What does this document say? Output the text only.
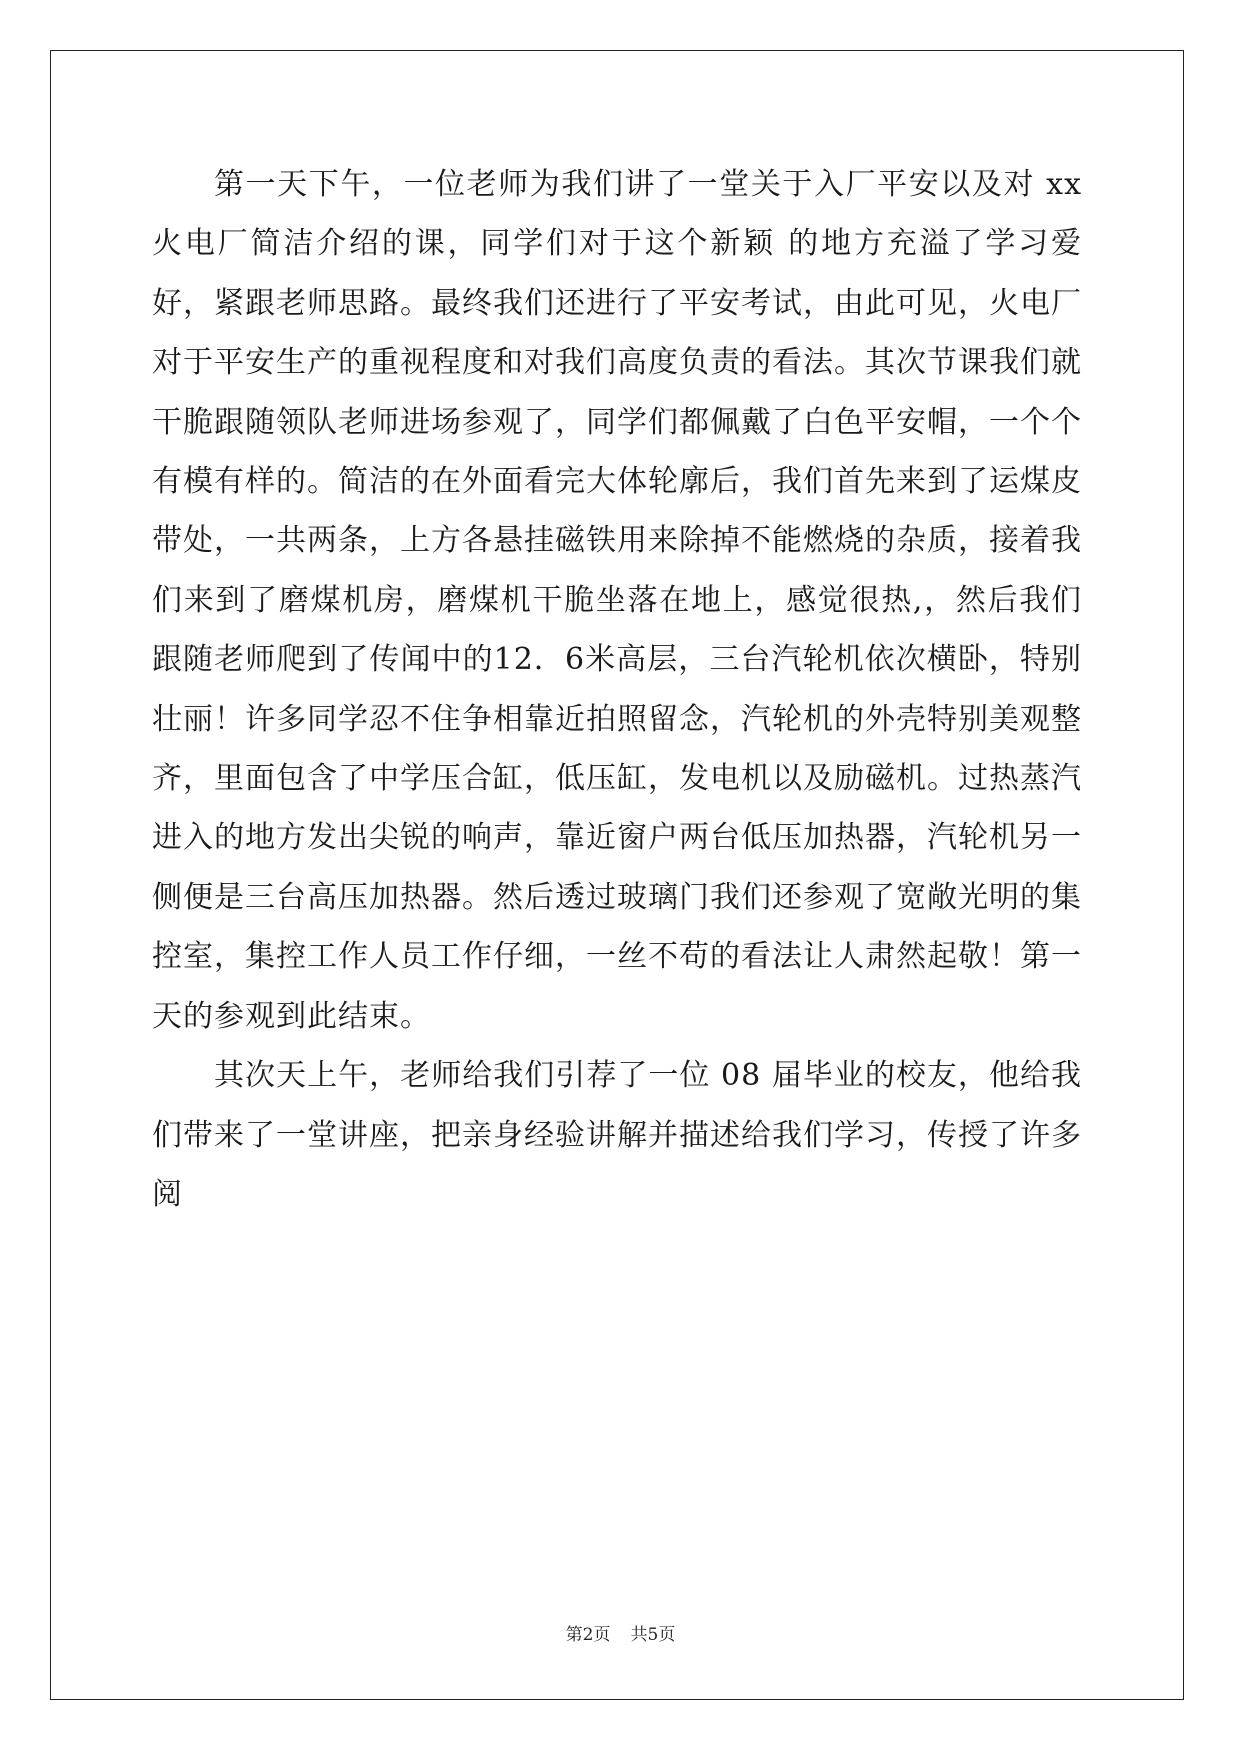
第一天下午，一位老师为我们讲了一堂关于入厂平安以及对 xx 火电厂简洁介绍的课，同学们对于这个新颖 的地方充溢了学习爱好，紧跟老师思路。最终我们还进行了平安考试，由此可见，火电厂对于平安生产的重视程度和对我们高度负责的看法。其次节课我们就干脆跟随领队老师进场参观了，同学们都佩戴了白色平安帽，一个个有模有样的。简洁的在外面看完大体轮廓后，我们首先来到了运煤皮带处，一共两条，上方各悬挂磁铁用来除掉不能燃烧的杂质，接着我们来到了磨煤机房，磨煤机干脆坐落在地上，感觉很热,，然后我们跟随老师爬到了传闻中的12．6米高层，三台汽轮机依次横卧，特别壮丽！许多同学忍不住争相靠近拍照留念，汽轮机的外壳特别美观整齐，里面包含了中学压合缸，低压缸，发电机以及励磁机。过热蒸汽进入的地方发出尖锐的响声，靠近窗户两台低压加热器，汽轮机另一侧便是三台高压加热器。然后透过玻璃门我们还参观了宽敞光明的集控室，集控工作人员工作仔细，一丝不苟的看法让人肃然起敬！第一天的参观到此结束。

其次天上午，老师给我们引荐了一位 08 届毕业的校友，他给我们带来了一堂讲座，把亲身经验讲解并描述给我们学习，传授了许多阅

第2页 共5页
